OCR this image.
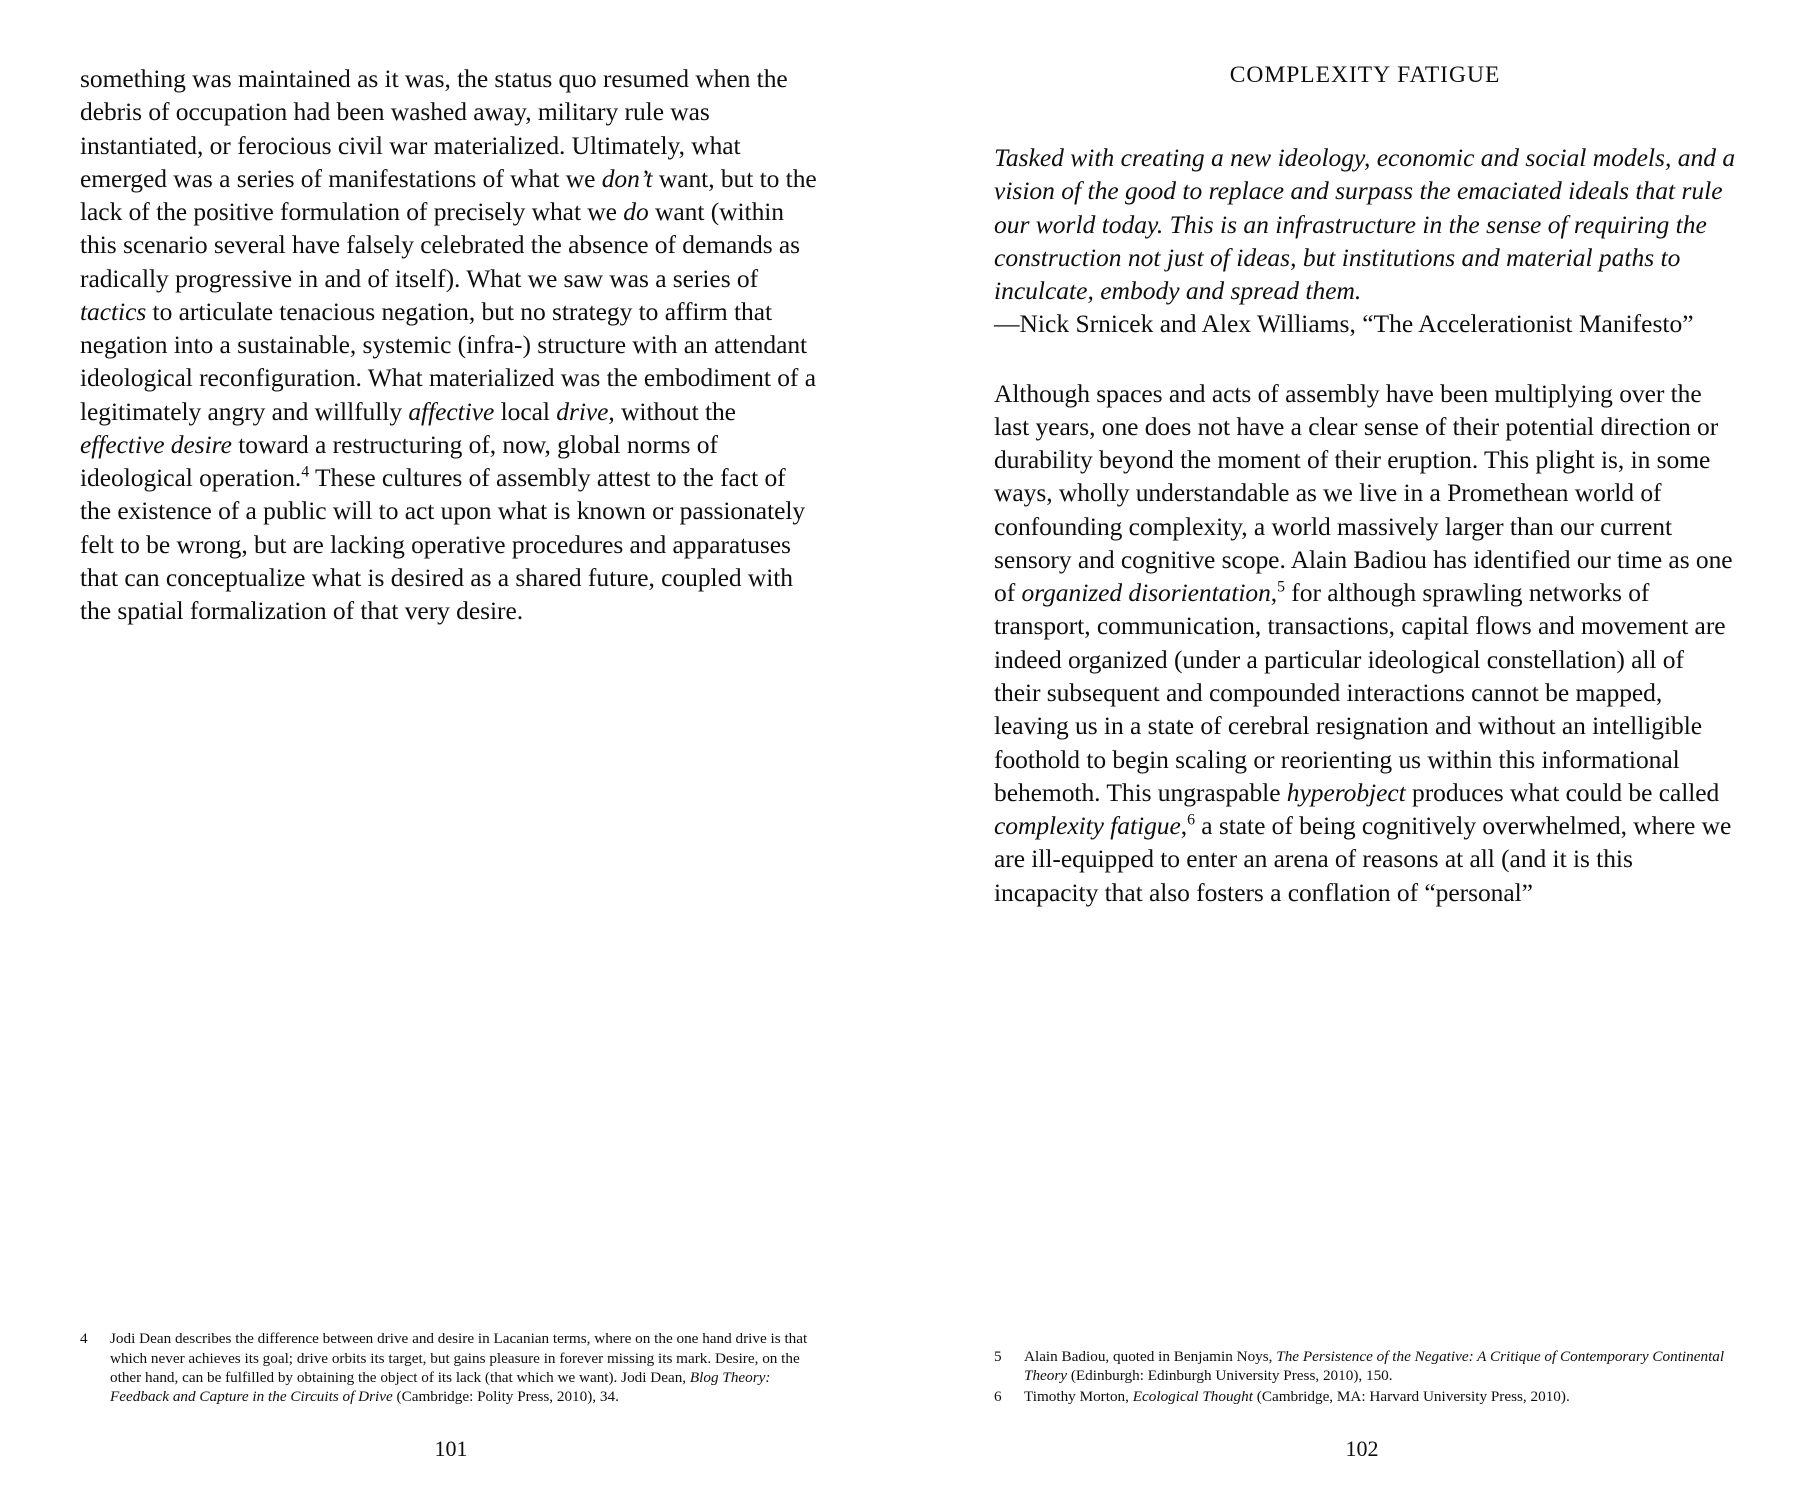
something was maintained as it was, the status quo resumed when the debris of occupation had been washed away, military rule was instantiated, or ferocious civil war materialized. Ultimately, what emerged was a series of manifestations of what we don’t want, but to the lack of the positive formulation of precisely what we do want (within this scenario several have falsely celebrated the absence of demands as radically progressive in and of itself). What we saw was a series of tactics to articulate tenacious negation, but no strategy to affirm that negation into a sustainable, systemic (infra-) structure with an attendant ideological reconfiguration. What materialized was the embodiment of a legitimately angry and willfully affective local drive, without the effective desire toward a restructuring of, now, global norms of ideological operation.$^4$ These cultures of assembly attest to the fact of the existence of a public will to act upon what is known or passionately felt to be wrong, but are lacking operative procedures and apparatuses that can conceptualize what is desired as a shared future, coupled with the spatial formalization of that very desire.

4	Jodi Dean describes the difference between drive and desire in Lacanian terms, where on the one hand drive is that which never achieves its goal; drive orbits its target, but gains pleasure in forever missing its mark. Desire, on the other hand, can be fulfilled by obtaining the object of its lack (that which we want). Jodi Dean, Blog Theory: Feedback and Capture in the Circuits of Drive (Cambridge: Polity Press, 2010), 34.
101
COMPLEXITY FATIGUE

Tasked with creating a new ideology, economic and social models, and a vision of the good to replace and surpass the emaciated ideals that rule our world today. This is an infrastructure in the sense of requiring the construction not just of ideas, but institutions and material paths to inculcate, embody and spread them.

—Nick Srnicek and Alex Williams, “The Accelerationist Manifesto”

Although spaces and acts of assembly have been multiplying over the last years, one does not have a clear sense of their potential direction or durability beyond the moment of their eruption. This plight is, in some ways, wholly understandable as we live in a Promethean world of confounding complexity, a world massively larger than our current sensory and cognitive scope. Alain Badiou has identified our time as one of organized disorientation,$^5$ for although sprawling networks of transport, communication, transactions, capital flows and movement are indeed organized (under a particular ideological constellation) all of their subsequent and compounded interactions cannot be mapped, leaving us in a state of cerebral resignation and without an intelligible foothold to begin scaling or reorienting us within this informational behemoth. This ungraspable hyperobject produces what could be called complexity fatigue,$^6$ a state of being cognitively overwhelmed, where we are ill-equipped to enter an arena of reasons at all (and it is this incapacity that also fosters a conflation of “personal”

5	Alain Badiou, quoted in Benjamin Noys, The Persistence of the Negative: A Critique of Contemporary Continental Theory (Edinburgh: Edinburgh University Press, 2010), 150.
6	Timothy Morton, Ecological Thought (Cambridge, MA: Harvard University Press, 2010).
102
